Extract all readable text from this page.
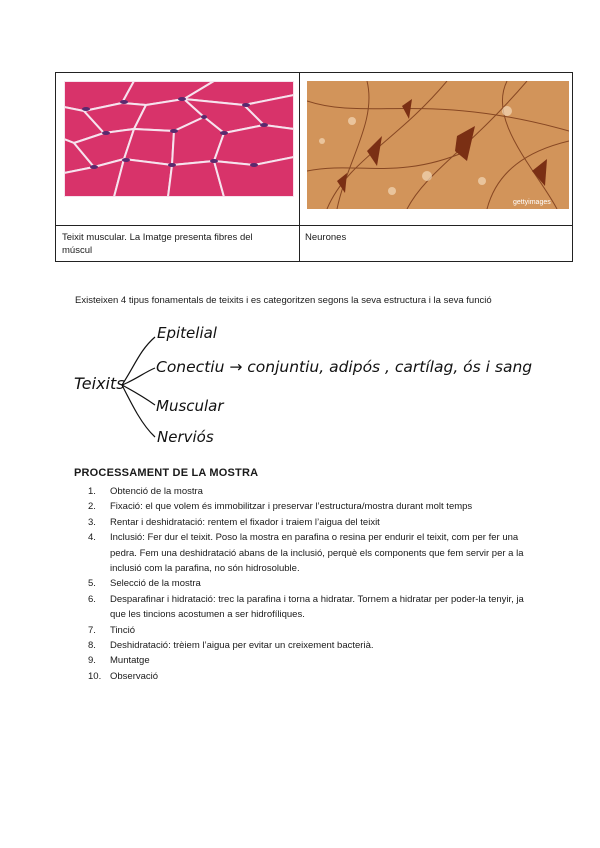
gettyimages
Teixit muscular. La Imatge presenta fibres del múscul
Neurones
Existeixen 4 tipus fonamentals de teixits i es categoritzen segons la seva estructura i la seva funció
Teixits
Epitelial
Conectiu → conjuntiu, adipós , cartílag, ós i sang
Muscular
Nerviós
PROCESSAMENT DE LA MOSTRA
1.	Obtenció de la mostra
2.	Fixació: el que volem és immobilitzar i preservar l’estructura/mostra durant molt temps
3.	Rentar i deshidratació: rentem el fixador i traiem l’aigua del teixit
4.	Inclusió: Fer dur el teixit. Poso la mostra en parafina o resina per endurir el teixit, com per fer una pedra. Fem una deshidratació abans de la inclusió, perquè els components que fem servir per a la inclusió com la parafina, no són hidrosoluble.
5.	Selecció de la mostra
6.	Desparafinar i hidratació: trec la parafina i torna a hidratar. Tornem a hidratar per poder-la tenyir, ja que les tincions acostumen a ser hidrofíliques.
7.	Tinció
8.	Deshidratació: trèiem l’aigua per evitar un creixement bacterià.
9.	Muntatge
10. Observació
